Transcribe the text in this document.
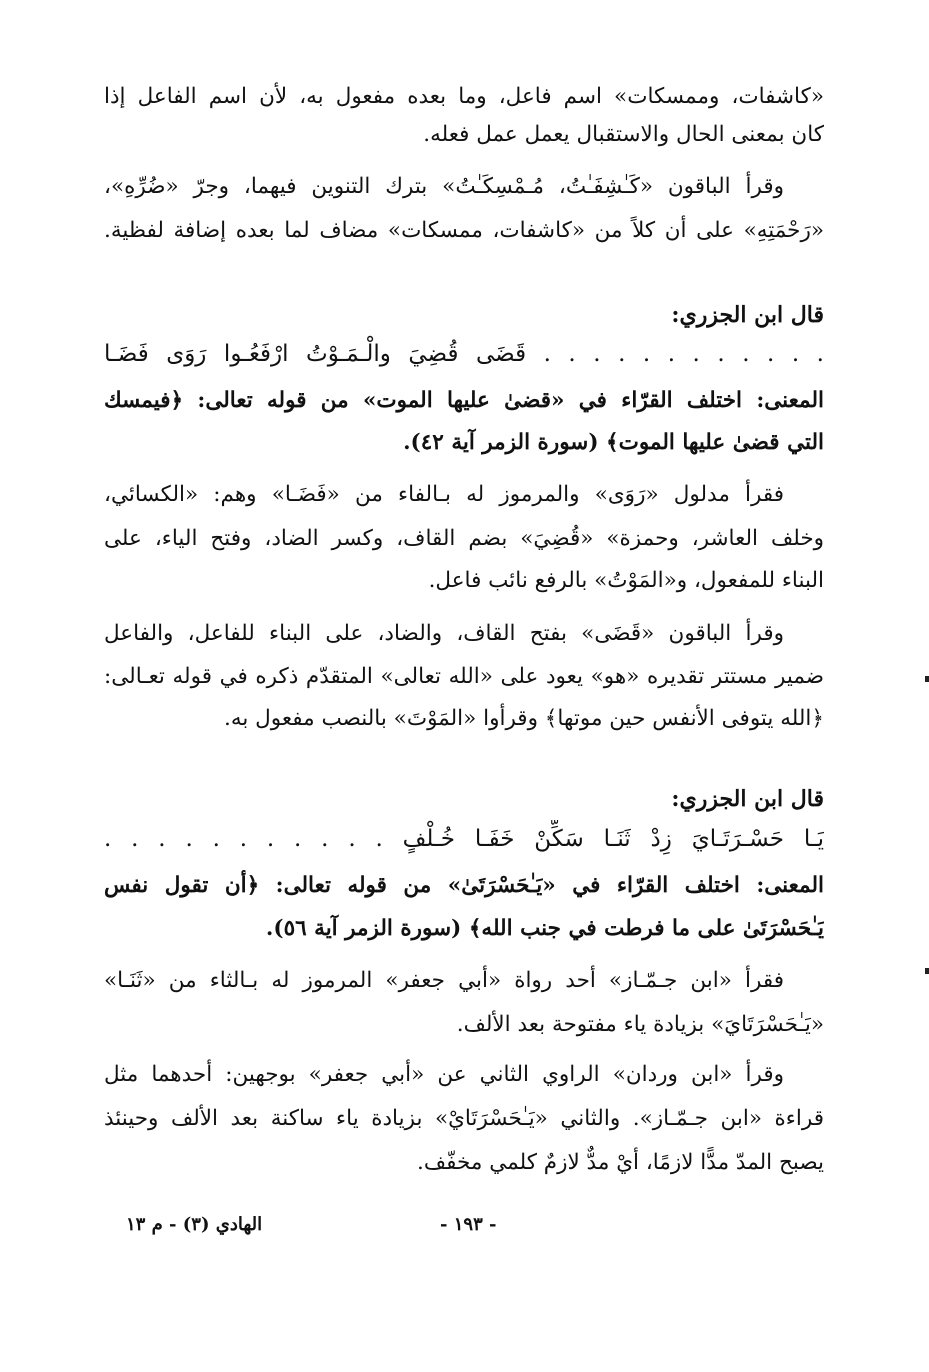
«كاشفات، وممسكات» اسم فاعل، وما بعده مفعول به، لأن اسم الفاعل إذا
كان بمعنى الحال والاستقبال يعمل عمل فعله.
وقرأ الباقون «كَـٰشِفَـٰتُ، مُـمْسِكَـٰتُ» بترك التنوين فيهما، وجرّ «ضُرِّهِ»،
«رَحْمَتِهِ» على أن كلاً من «كاشفات، ممسكات» مضاف لما بعده إضافة لفظية.
قال ابن الجزري:
. . . . . . . . . . . . قَضَى قُضِيَ والْـمَـوْتُ ارْفَعُـوا رَوَى فَضَـا
المعنى: اختلف القرّاء في «قضىٰ عليها الموت» من قوله تعالى: ﴿فيمسك
التي قضىٰ عليها الموت﴾ (سورة الزمر آية ٤٢).
فقرأ مدلول «رَوَى» والمرموز له بـالفاء من «فَضَـا» وهم: «الكسائي،
وخلف العاشر، وحمزة» «قُضِيَ» بضم القاف، وكسر الضاد، وفتح الياء، على
البناء للمفعول، و«المَوْتُ» بالرفع نائب فاعل.
وقرأ الباقون «قَضَى» بفتح القاف، والضاد، على البناء للفاعل، والفاعل
ضمير مستتر تقديره «هو» يعود على «الله تعالى» المتقدّم ذكره في قوله تعـالى:
﴿الله يتوفى الأنفس حين موتها﴾ وقرأوا «المَوْتَ» بالنصب مفعول به.
قال ابن الجزري:
يَـا حَسْـرَتَـايَ زِدْ ثَنَـا سَكِّنْ خَفَـا خُـلْفٍ . . . . . . . . . . .
المعنى: اختلف القرّاء في «يَـٰحَسْرَتَىٰ» من قوله تعالى: ﴿أن تقول نفس
يَـٰحَسْرَتَىٰ على ما فرطت في جنب الله﴾ (سورة الزمر آية ٥٦).
فقرأ «ابن جـمّـاز» أحد رواة «أبي جعفر» المرموز له بـالثاء من «ثَنَـا»
«يَـٰحَسْرَتَايَ» بزيادة ياء مفتوحة بعد الألف.
وقرأ «ابن وردان» الراوي الثاني عن «أبي جعفر» بوجهين: أحدهما مثل
قراءة «ابن جـمّـاز». والثاني «يَـٰحَسْرَتَايْ» بزيادة ياء ساكنة بعد الألف وحينئذ
يصبح المدّ مدًّا لازمًا، أيْ مدٌّ لازمٌ كلمي مخفّف.
- ١٩٣ -
الهادي (٣) - م ١٣
